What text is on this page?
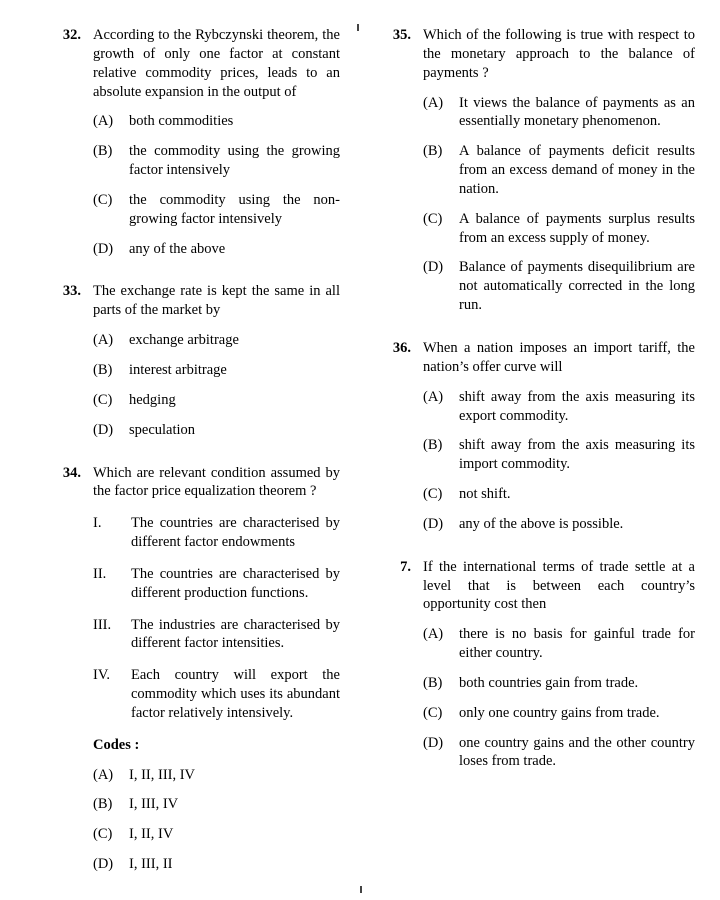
32. According to the Rybczynski theorem, the growth of only one factor at constant relative commodity prices, leads to an absolute expansion in the output of
(A)	both commodities
(B)	the commodity using the growing factor intensively
(C)	the commodity using the non-growing factor intensively
(D)	any of the above
33. The exchange rate is kept the same in all parts of the market by
(A)	exchange arbitrage
(B)	interest arbitrage
(C)	hedging
(D)	speculation
34. Which are relevant condition assumed by the factor price equalization theorem ?
I.	The countries are characterised by different factor endowments
II.	The countries are characterised by different production functions.
III.	The industries are characterised by different factor intensities.
IV.	Each country will export the commodity which uses its abundant factor relatively intensively.
Codes :
(A)	I, II, III, IV
(B)	I, III, IV
(C)	I, II, IV
(D)	I, III, II
35. Which of the following is true with respect to the monetary approach to the balance of payments ?
(A)	It views the balance of payments as an essentially monetary phenomenon.
(B)	A balance of payments deficit results from an excess demand of money in the nation.
(C)	A balance of payments surplus results from an excess supply of money.
(D)	Balance of payments disequilibrium are not automatically corrected in the long run.
36. When a nation imposes an import tariff, the nation’s offer curve will
(A)	shift away from the axis measuring its export commodity.
(B)	shift away from the axis measuring its import commodity.
(C)	not shift.
(D)	any of the above is possible.
7. If the international terms of trade settle at a level that is between each country’s opportunity cost then
(A)	there is no basis for gainful trade for either country.
(B)	both countries gain from trade.
(C)	only one country gains from trade.
(D)	one country gains and the other country loses from trade.
